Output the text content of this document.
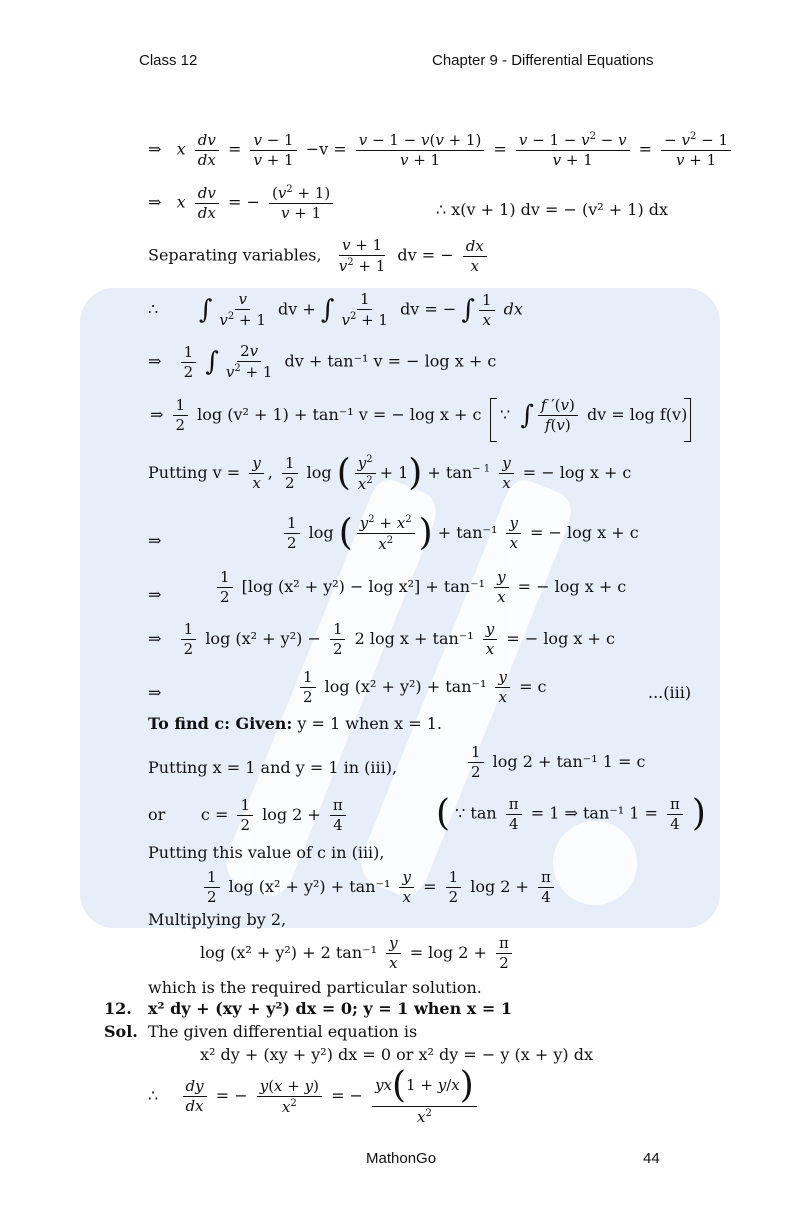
Class 12	Chapter 9 - Differential Equations
⇒ x $\frac{dv}{dx} = \frac{v - 1}{v + 1} -v = \frac{v - 1 - v(v + 1)}{v + 1} = \frac{v - 1 - v^2 - v}{v + 1} = \frac{- v^2 - 1}{v + 1}$
⇒ x $\frac{dv}{dx}$ = − $\frac{(v^2 + 1)}{v + 1}$	∴ x(v + 1) dv = − (v² + 1) dx
Separating variables, $\frac{v + 1}{v^2 + 1}$ dv = − $\frac{dx}{x}$
∴ ∫ $\frac{v}{v^2 + 1}$ dv + ∫ $\frac{1}{v^2 + 1}$ dv = − ∫ $\frac{1}{x}$ dx
⇒ $\frac{1}{2}$ ∫ $\frac{2v}{v^2 + 1}$ dv + tan⁻¹ v = − log x + c
⇒ $\frac{1}{2}$ log (v² + 1) + tan⁻¹ v = − log x + c ∵ ∫ $\frac{f '(v)}{f(v)}$ dv = log f(v)
Putting $v = \frac{y}{x}$ , $\frac{1}{2}$ log ( $\frac{y^2}{x^2} + 1) + \tan^{- 1} \frac{y}{x}$ = − log x + c
⇒	$\frac{1}{2}$ log ( $\frac{y^2 + x^2}{x^2}$ ) + $\tan^{-1} \frac{y}{x}$ = − log x + c
⇒	$\frac{1}{2} [\log$ $(x^2 + y^2) - \log x^2] + \tan^{-1} \frac{y}{x}$ = − log x + c
⇒ $\frac{1}{2}$ $\log (x^2 + y^2) - \frac{1}{2} 2$ $\log x + \tan^{-1} \frac{y}{x}$ = − log x + c
⇒	$\frac{1}{2}$ $\log (x^2 + y^2) + \tan^{-1} \frac{y}{x} = c$	...(iii)
To find c: Given: y = 1 when x = 1.
Putting x = 1 and y = 1 in (iii),	$\frac{1}{2}$ log 2 + tan⁻¹ 1 = c
or $c = \frac{1}{2}$ $\log 2 + \frac{\pi}{4}$	( ∵ $\tan \frac{\pi}{4} = 1$ ⇒ tan⁻¹ $1 = \frac{\pi}{4}$ )
Putting this value of c in (iii),
$\frac{1}{2}$ $\log (x^2 + y^2) + \tan^{-1} \frac{y}{x} = \frac{1}{2}$ $\log 2 + \frac{\pi}{4}$
Multiplying by 2,
log (x² + y²) + 2 $\tan^{-1} \frac{y}{x} = \log 2 + \frac{\pi}{2}$
which is the required particular solution.
12. x² dy + (xy + y²) dx = 0; y = 1 when x = 1
Sol. The given differential equation is
x² dy + (xy + y²) dx = 0 or x² dy = − y (x + y) dx
∴ $\frac{dy}{dx}$ = − $\frac{y(x + y)}{x^2}$ = − $\frac{yx(1 + y/x)}{x^2}$
MathonGo	44
